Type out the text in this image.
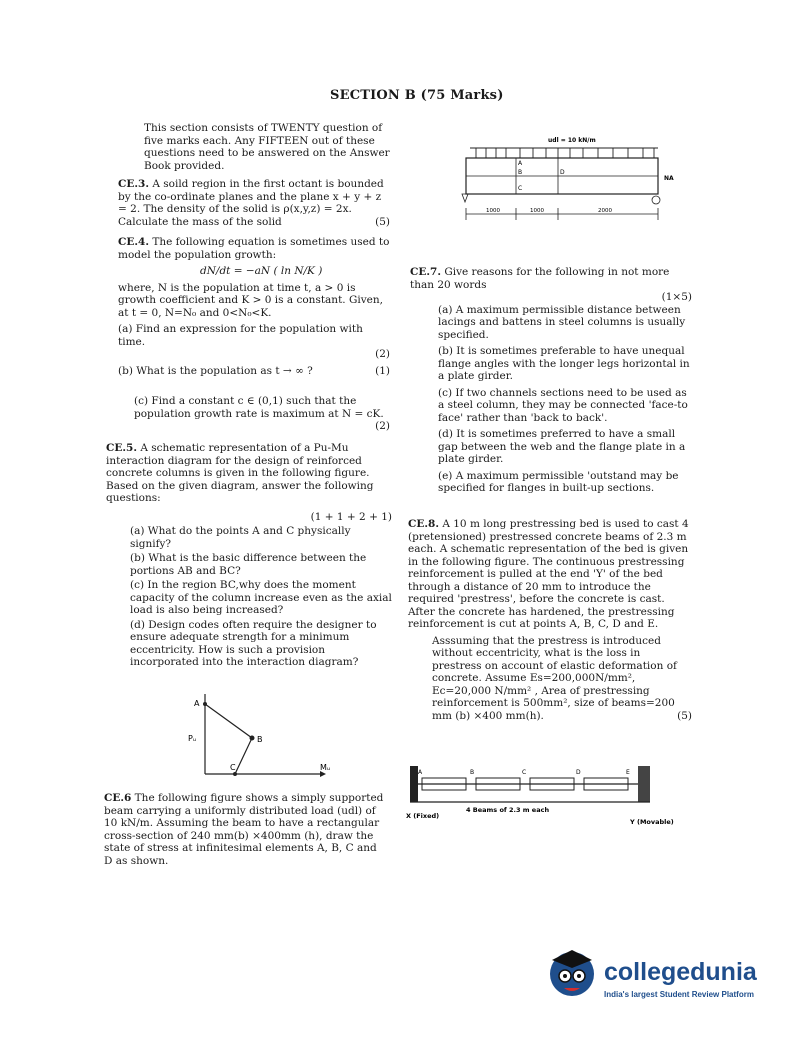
SECTION B (75 Marks)
This section consists of TWENTY question of five marks each. Any FIFTEEN out of these questions need to be answered on the Answer Book provided.
CE.3. A soild region in the first octant is bounded by the co-ordinate planes and the plane x + y + z = 2. The density of the solid is ρ(x,y,z) = 2x. Calculate the mass of the solid	(5)
CE.4. The following equation is sometimes used to model the population growth:
dN/dt = −aN ( ln N/K )
where, N is the population at time t, a > 0 is growth coefficient and K > 0 is a constant. Given, at t = 0, N=N₀ and 0<N₀<K.
(a) Find an expression for the population with time.
(2)
(b) What is the population as t → ∞ ?	(1)
(c) Find a constant c ∈ (0,1) such that the population growth rate is maximum at N = cK.
(2)
CE.5. A schematic representation of a Pu-Mu interaction diagram for the design of reinforced concrete columns is given in the following figure. Based on the given diagram, answer the following questions:
(1 + 1 + 2 + 1)
(a) What do the points A and C physically signify?
(b) What is the basic difference between the portions AB and BC?
(c) In the region BC,why does the moment capacity of the column increase even as the axial load is also being increased?
(d) Design codes often require the designer to ensure adequate strength for a minimum eccentricity. How is such a provision incorporated into the interaction diagram?
A
B
C
Pᵤ
Mᵤ
CE.6 The following figure shows a simply supported beam carrying a uniformly distributed load (udl) of 10 kN/m. Assuming the beam to have a rectangular cross-section of 240 mm(b) ×400mm (h), draw the state of stress at infinitesimal elements A, B, C and D as shown.
udl = 10 kN/m
NA
A
B
C
D
1000	1000	2000
CE.7. Give reasons for the following in not more than 20 words
(1×5)
(a) A maximum permissible distance between lacings and battens in steel columns is usually specified.
(b) It is sometimes preferable to have unequal flange angles with the longer legs horizontal in a plate girder.
(c) If two channels sections need to be used as a steel column, they may be connected 'face-to face' rather than 'back to back'.
(d) It is sometimes preferred to have a small gap between the web and the flange plate in a plate girder.
(e) A maximum permissible 'outstand may be specified for flanges in built-up sections.
CE.8. A 10 m long prestressing bed is used to cast 4 (pretensioned) prestressed concrete beams of 2.3 m each. A schematic representation of the bed is given in the following figure. The continuous prestressing reinforcement is pulled at the end 'Y' of the bed through a distance of 20 mm to introduce the required 'prestress', before the concrete is cast. After the concrete has hardened, the prestressing reinforcement is cut at points A, B, C, D and E.
Asssuming that the prestress is introduced without eccentricity, what is the loss in prestress on account of elastic deformation of concrete. Assume Es=200,000N/mm², Ec=20,000 N/mm² , Area of prestressing reinforcement is 500mm², size of beams=200 mm (b) ×400 mm(h).	(5)
A	B	C	D	E
4 Beams of 2.3 m each
X (Fixed)
Y (Movable)
collegedunia
India's largest Student Review Platform
